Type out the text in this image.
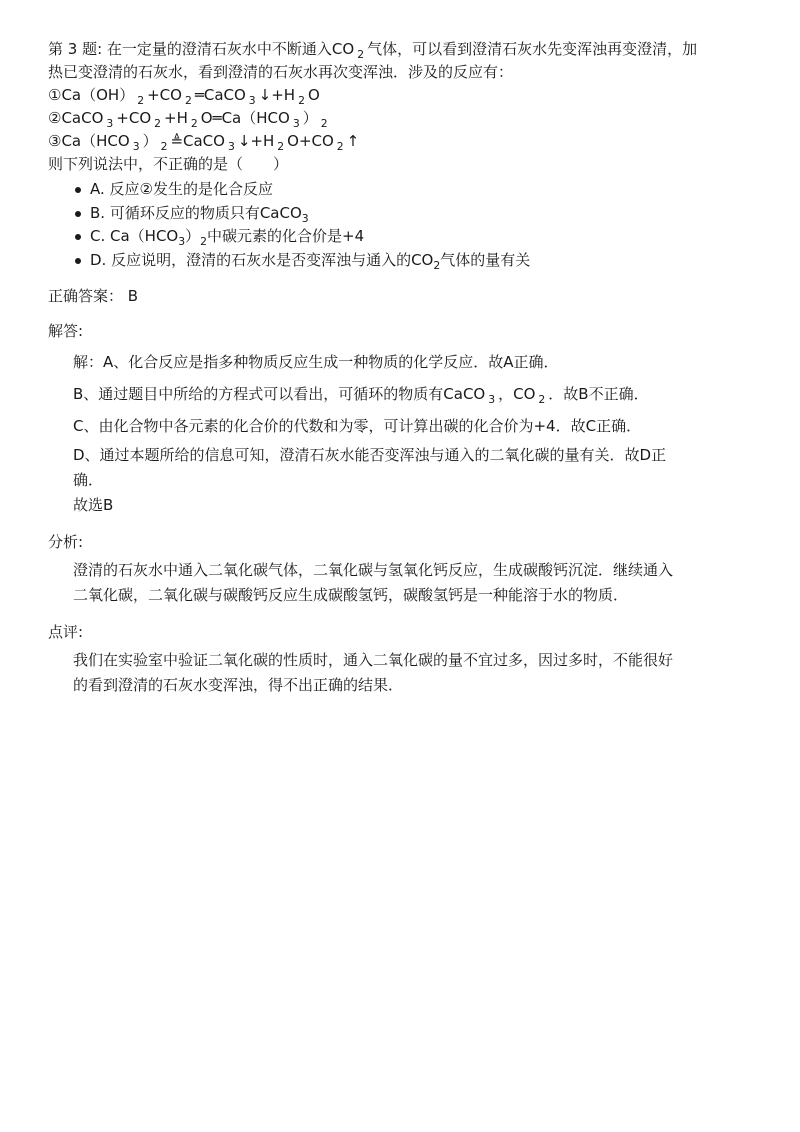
第 3 题: 在一定量的澄清石灰水中不断通入CO $_2$ 气体，可以看到澄清石灰水先变浑浊再变澄清，加
热已变澄清的石灰水，看到澄清的石灰水再次变浑浊．涉及的反应有：
①Ca（OH） $_2$ +CO $_2$ ═CaCO $_3$ ↓+H $_2$ O
②CaCO $_3$ +CO $_2$ +H $_2$ O═Ca（HCO $_3$ ） $_2$
③Ca（HCO $_3$ ） $_2$ ≜CaCO $_3$ ↓+H $_2$ O+CO $_2$ ↑
则下列说法中，不正确的是（　　）
A. 反应②发生的是化合反应
B. 可循环反应的物质只有CaCO$_3$
C. $Ca(HCO_3)_2$中碳元素的化合价是+4
D. 反应说明，澄清的石灰水是否变浑浊与通入的$CO_2$气体的量有关
正确答案： B
解答:
解：A、化合反应是指多种物质反应生成一种物质的化学反应．故A正确．
B、通过题目中所给的方程式可以看出，可循环的物质有CaCO $_3$ ，CO $_2$ ．故B不正确．
C、由化合物中各元素的化合价的代数和为零，可计算出碳的化合价为+4．故C正确．
D、通过本题所给的信息可知，澄清石灰水能否变浑浊与通入的二氧化碳的量有关．故D正
确．
故选B
分析:
澄清的石灰水中通入二氧化碳气体，二氧化碳与氢氧化钙反应，生成碳酸钙沉淀．继续通入
二氧化碳，二氧化碳与碳酸钙反应生成碳酸氢钙，碳酸氢钙是一种能溶于水的物质．
点评:
我们在实验室中验证二氧化碳的性质时，通入二氧化碳的量不宜过多，因过多时，不能很好
的看到澄清的石灰水变浑浊，得不出正确的结果．
